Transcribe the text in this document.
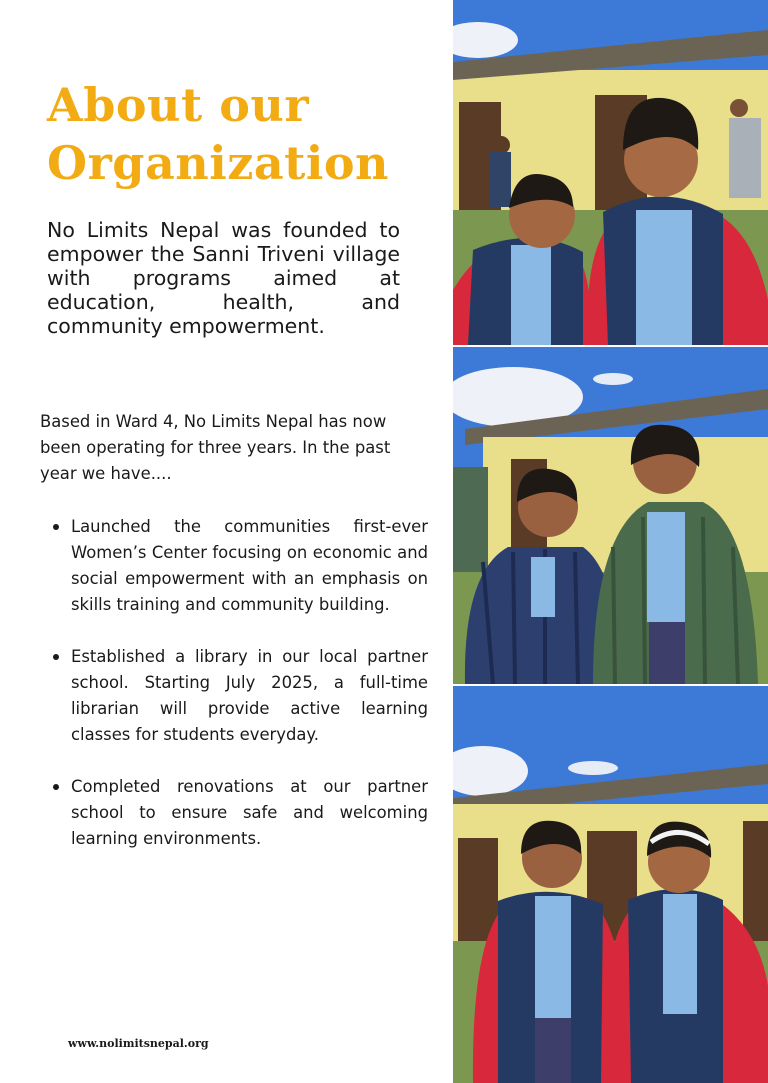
About our
Organization

No Limits Nepal was founded to empower the Sanni Triveni village with programs aimed at education, health, and community empowerment.

Based in Ward 4, No Limits Nepal has now been operating for three years. In the past year we have....

Launched the communities first-ever Women’s Center focusing on economic and social empowerment with an emphasis on skills training and community building.
Established a library in our local partner school. Starting July 2025, a full-time librarian will provide active learning classes for students everyday.
Completed renovations at our partner school to ensure safe and welcoming learning environments.
www.nolimitsnepal.org
